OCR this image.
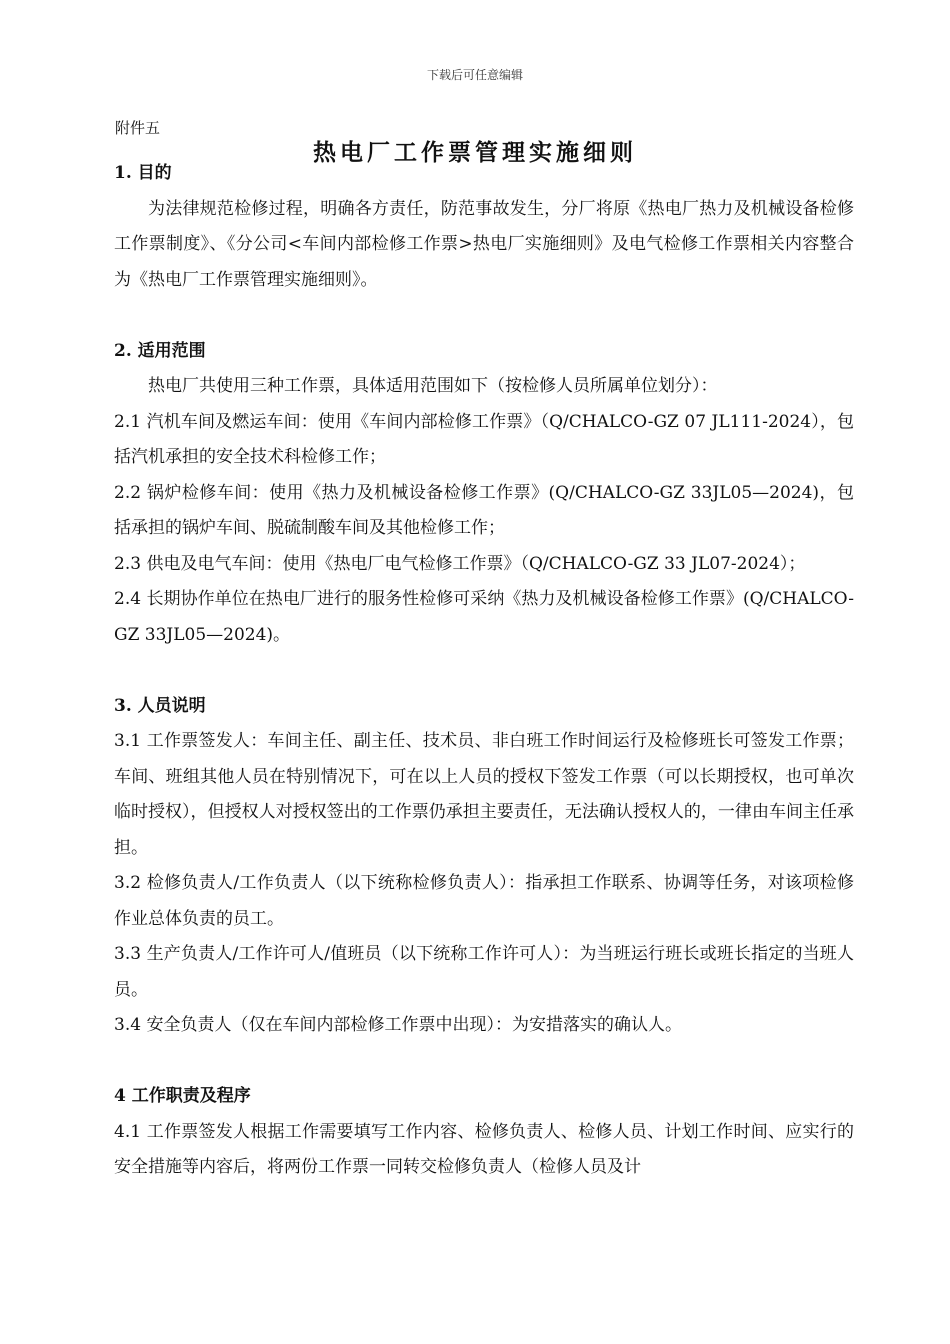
下载后可任意编辑
附件五
热电厂工作票管理实施细则

1. 目的

为法律规范检修过程，明确各方责任，防范事故发生，分厂将原《热电厂热力及机械设备检修工作票制度》、《分公司<车间内部检修工作票>热电厂实施细则》及电气检修工作票相关内容整合为《热电厂工作票管理实施细则》。

2. 适用范围

热电厂共使用三种工作票，具体适用范围如下（按检修人员所属单位划分）：

2.1 汽机车间及燃运车间：使用《车间内部检修工作票》（Q/CHALCO-GZ 07 JL111-2024），包括汽机承担的安全技术科检修工作；

2.2 锅炉检修车间：使用《热力及机械设备检修工作票》(Q/CHALCO-GZ 33JL05—2024)，包括承担的锅炉车间、脱硫制酸车间及其他检修工作；

2.3 供电及电气车间：使用《热电厂电气检修工作票》（Q/CHALCO-GZ 33 JL07-2024）；

2.4 长期协作单位在热电厂进行的服务性检修可采纳《热力及机械设备检修工作票》(Q/CHALCO-GZ 33JL05—2024)。

3. 人员说明

3.1 工作票签发人：车间主任、副主任、技术员、非白班工作时间运行及检修班长可签发工作票；车间、班组其他人员在特别情况下，可在以上人员的授权下签发工作票（可以长期授权，也可单次临时授权），但授权人对授权签出的工作票仍承担主要责任，无法确认授权人的，一律由车间主任承担。

3.2 检修负责人/工作负责人（以下统称检修负责人）：指承担工作联系、协调等任务，对该项检修作业总体负责的员工。

3.3 生产负责人/工作许可人/值班员（以下统称工作许可人）：为当班运行班长或班长指定的当班人员。

3.4 安全负责人（仅在车间内部检修工作票中出现）：为安措落实的确认人。

4 工作职责及程序

4.1 工作票签发人根据工作需要填写工作内容、检修负责人、检修人员、计划工作时间、应实行的安全措施等内容后，将两份工作票一同转交检修负责人（检修人员及计
